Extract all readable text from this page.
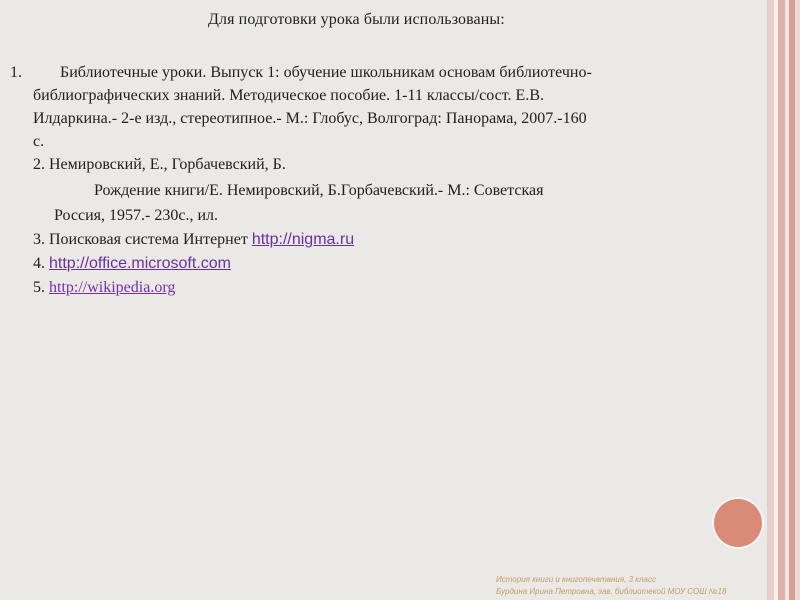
Для подготовки урока были использованы:
1. Библиотечные уроки. Выпуск 1: обучение школьникам основам библиотечно-
библиографических знаний. Методическое пособие. 1-11 классы/сост. Е.В.
Илдаркина.- 2-е изд., стереотипное.- М.: Глобус, Волгоград: Панорама, 2007.-160
с.
2. Немировский, Е., Горбачевский, Б.
Рождение книги/Е. Немировский, Б.Горбачевский.- М.: Советская
Россия, 1957.- 230с., ил.
3. Поисковая система Интернет http://nigma.ru
4. http://office.microsoft.com
5. http://wikipedia.org
История книги и книгопечатания, 3 класс
Бурдина Ирина Петровна, зав. библиотекой МОУ СОШ №18
